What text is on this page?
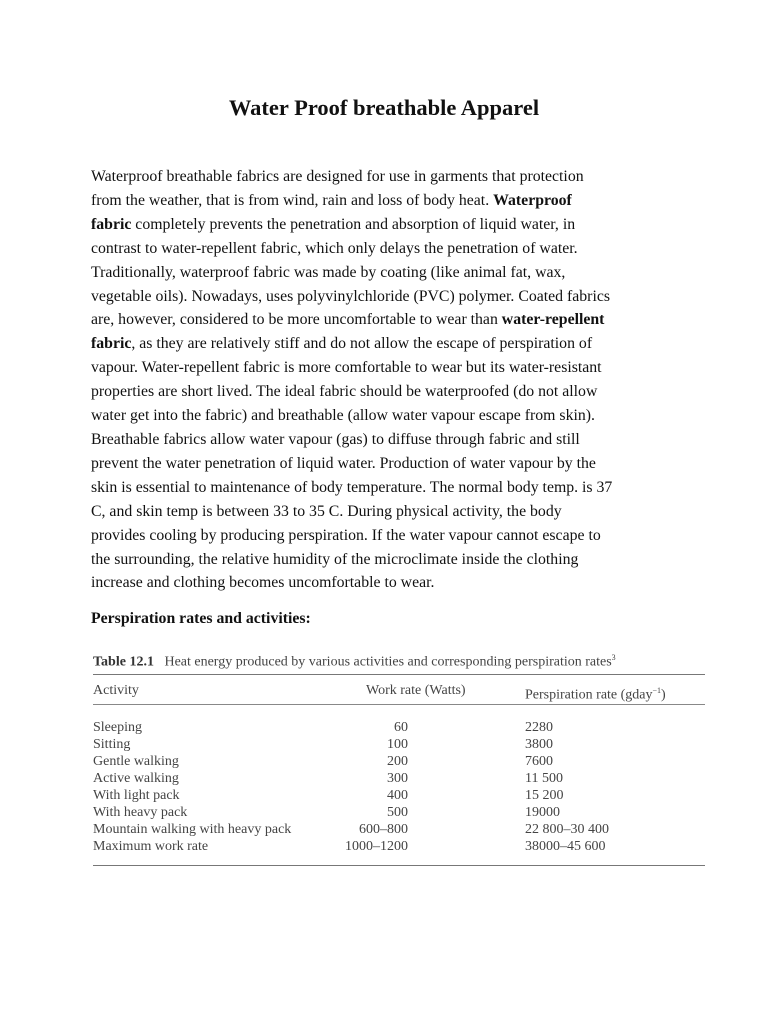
Water Proof breathable Apparel
Waterproof breathable fabrics are designed for use in garments that protection
from the weather, that is from wind, rain and loss of body heat. Waterproof
fabric completely prevents the penetration and absorption of liquid water, in
contrast to water-repellent fabric, which only delays the penetration of water.
Traditionally, waterproof fabric was made by coating (like animal fat, wax,
vegetable oils). Nowadays, uses polyvinylchloride (PVC) polymer. Coated fabrics
are, however, considered to be more uncomfortable to wear than water-repellent
fabric, as they are relatively stiff and do not allow the escape of perspiration of
vapour. Water-repellent fabric is more comfortable to wear but its water-resistant
properties are short lived. The ideal fabric should be waterproofed (do not allow
water get into the fabric) and breathable (allow water vapour escape from skin).
Breathable fabrics allow water vapour (gas) to diffuse through fabric and still
prevent the water penetration of liquid water. Production of water vapour by the
skin is essential to maintenance of body temperature. The normal body temp. is 37
C, and skin temp is between 33 to 35 C. During physical activity, the body
provides cooling by producing perspiration. If the water vapour cannot escape to
the surrounding, the relative humidity of the microclimate inside the clothing
increase and clothing becomes uncomfortable to wear.
Perspiration rates and activities:
Table 12.1 Heat energy produced by various activities and corresponding perspiration rates$^3$
Activity	Work rate (Watts)	Perspiration rate (gday$^{-1}$)
Sleeping	60	2280
Sitting	100	3800
Gentle walking	200	7600
Active walking	300	11 500
With light pack	400	15 200
With heavy pack	500	19000
Mountain walking with heavy pack	600–800	22 800–30 400
Maximum work rate	1000–1200	38000–45 600
